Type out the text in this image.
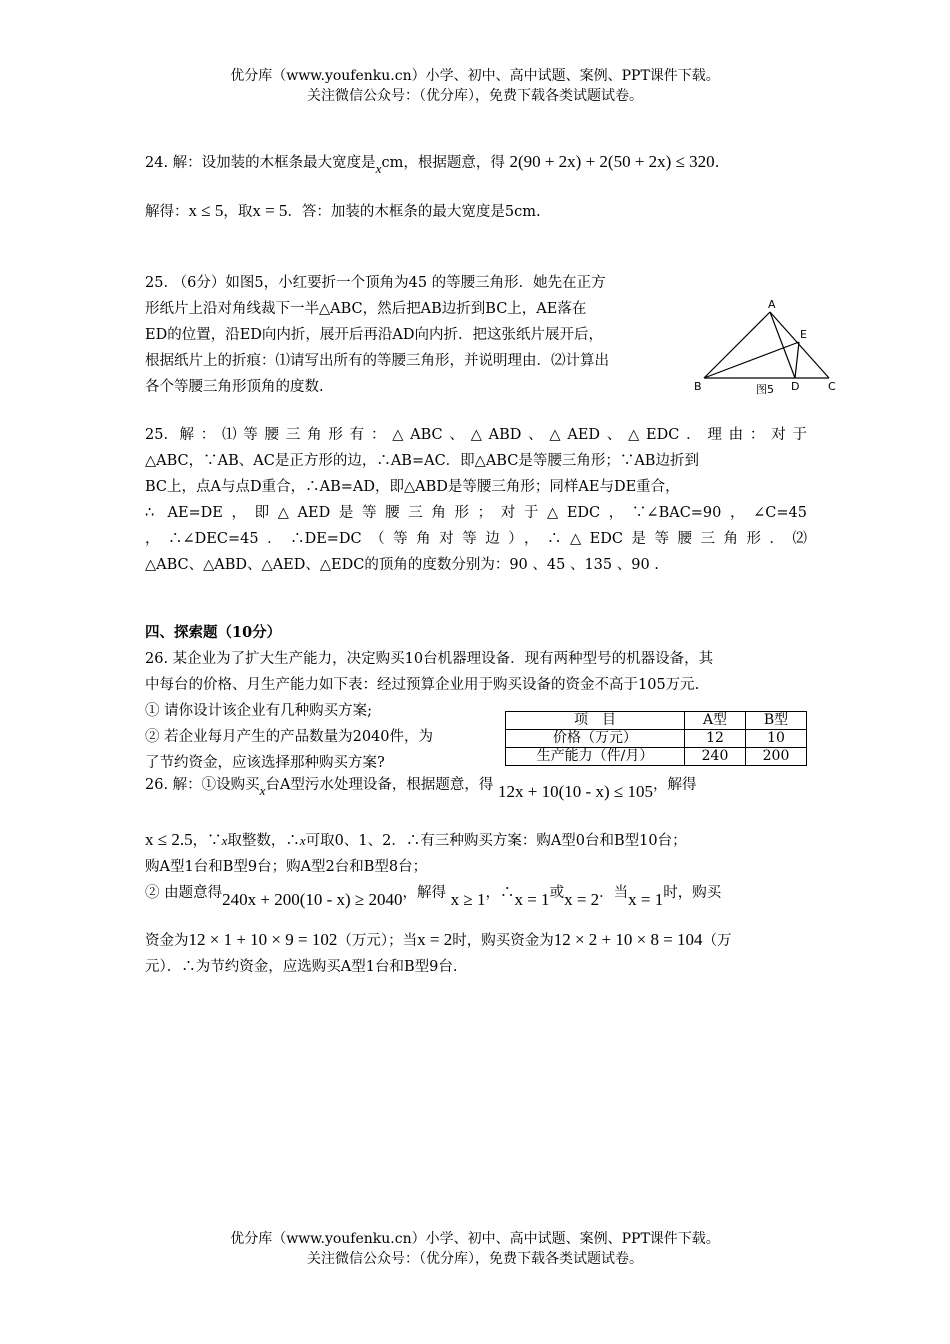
优分库（www.youfenku.cn）小学、初中、高中试题、案例、PPT课件下载。
关注微信公众号：（优分库），免费下载各类试题试卷。
24. 解：设加装的木框条最大宽度是xcm，根据题意，得 2(90 + 2x) + 2(50 + 2x) ≤ 320.
解得：x ≤ 5，取x = 5．答：加装的木框条的最大宽度是5cm.
25. （6分）如图5，小红要折一个顶角为45 的等腰三角形．她先在正方
形纸片上沿对角线裁下一半△ABC，然后把AB边折到BC上，AE落在
ED的位置，沿ED向内折，展开后再沿AD向内折．把这张纸片展开后，
根据纸片上的折痕：⑴请写出所有的等腰三角形，并说明理由．⑵计算出
各个等腰三角形顶角的度数.
A
B	C
D
E
图5
25. 解：⑴等腰三角形有：△ABC、△ABD、△AED、△EDC．理由：对于
△ABC，∵AB、AC是正方形的边，∴AB=AC．即△ABC是等腰三角形；∵AB边折到
BC上，点A与点D重合，∴AB=AD，即△ABD是等腰三角形；同样AE与DE重合，
∴ AE=DE，即△AED是等腰三角形；对于△EDC，∵∠BAC=90，∠C=45
，∴∠DEC=45．∴DE=DC（等角对等边），∴△EDC是等腰三角形．⑵
△ABC、△ABD、△AED、△EDC的顶角的度数分别为：90 、45 、135 、90 .
四、探索题（10分）
26. 某企业为了扩大生产能力，决定购买10台机器理设备．现有两种型号的机器设备，其
中每台的价格、月生产能力如下表：经过预算企业用于购买设备的资金不高于105万元.
① 请你设计该企业有几种购买方案;
② 若企业每月产生的产品数量为2040件，为
了节约资金，应该选择那种购买方案?
项　目	A型	B型
价格（万元）	12	10
生产能力（件/月）	240	200
26. 解：①设购买x台A型污水处理设备，根据题意，得 12x + 10(10 - x) ≤ 105，解得
x ≤ 2.5，∵x取整数，∴x可取0、1、2．∴有三种购买方案：购A型0台和B型10台；
购A型1台和B型9台；购A型2台和B型8台；
② 由题意得240x + 200(10 - x) ≥ 2040，解得 x ≥ 1，∴x = 1或x = 2．当x = 1时，购买
资金为12 × 1 + 10 × 9 = 102（万元）；当x = 2时，购买资金为12 × 2 + 10 × 8 = 104（万
元）．∴为节约资金，应选购买A型1台和B型9台.
优分库（www.youfenku.cn）小学、初中、高中试题、案例、PPT课件下载。
关注微信公众号：（优分库），免费下载各类试题试卷。
